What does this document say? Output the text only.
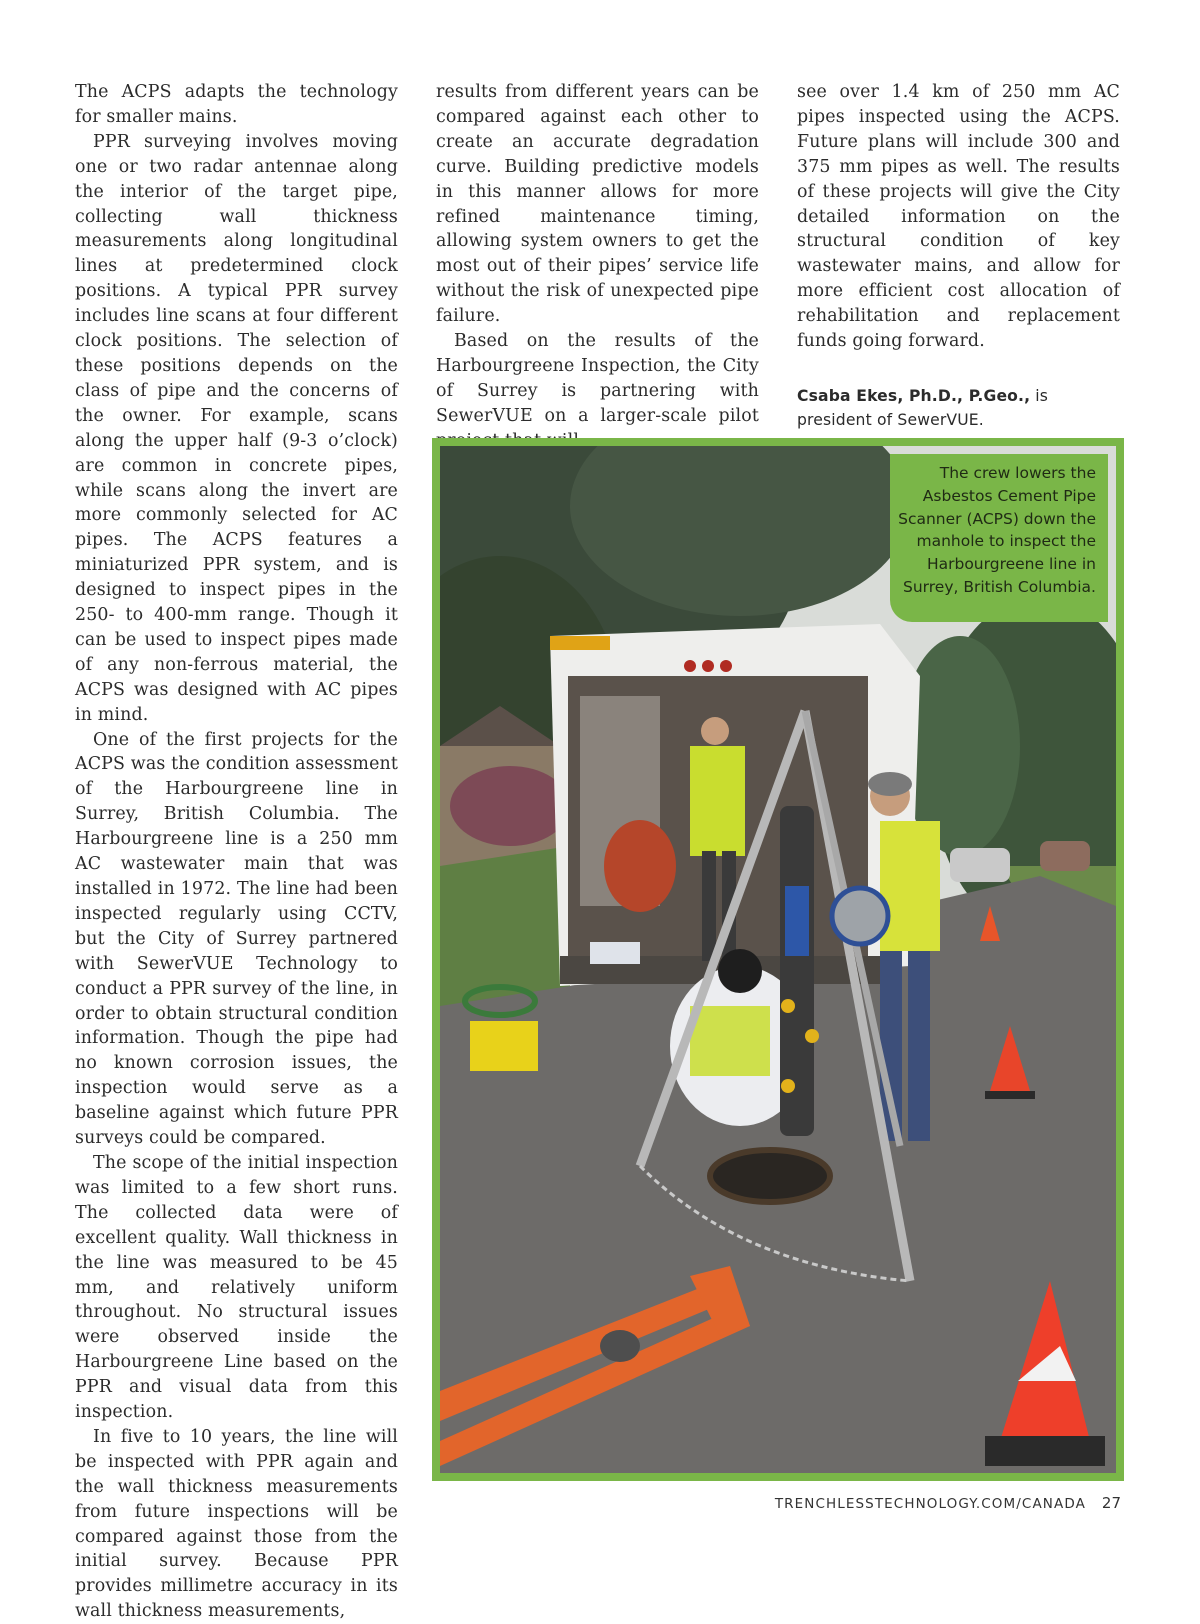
The ACPS adapts the technology for smaller mains.

PPR surveying involves moving one or two radar antennae along the interior of the target pipe, collecting wall thickness measurements along longitudinal lines at predetermined clock positions. A typical PPR survey includes line scans at four different clock positions. The selection of these positions depends on the class of pipe and the concerns of the owner. For example, scans along the upper half (9-3 o’clock) are common in concrete pipes, while scans along the invert are more commonly selected for AC pipes. The ACPS features a miniaturized PPR system, and is designed to inspect pipes in the 250- to 400-mm range. Though it can be used to inspect pipes made of any non-ferrous material, the ACPS was designed with AC pipes in mind.

One of the first projects for the ACPS was the condition assessment of the Harbourgreene line in Surrey, British Columbia. The Harbourgreene line is a 250 mm AC wastewater main that was installed in 1972. The line had been inspected regularly using CCTV, but the City of Surrey partnered with SewerVUE Technology to conduct a PPR survey of the line, in order to obtain structural condition information. Though the pipe had no known corrosion issues, the inspection would serve as a baseline against which future PPR surveys could be compared.

The scope of the initial inspection was limited to a few short runs. The collected data were of excellent quality. Wall thickness in the line was measured to be 45 mm, and relatively uniform throughout. No structural issues were observed inside the Harbourgreene Line based on the PPR and visual data from this inspection.

In five to 10 years, the line will be inspected with PPR again and the wall thickness measurements from future inspections will be compared against those from the initial survey. Because PPR provides millimetre accuracy in its wall thickness measurements,

results from different years can be compared against each other to create an accurate degradation curve. Building predictive models in this manner allows for more refined maintenance timing, allowing system owners to get the most out of their pipes’ service life without the risk of unexpected pipe failure.

Based on the results of the Harbourgreene Inspection, the City of Surrey is partnering with SewerVUE on a larger-scale pilot

see over 1.4 km of 250 mm AC pipes inspected using the ACPS. Future plans will include 300 and 375 mm pipes as well. The results of these projects will give the City detailed information on the structural condition of key wastewater mains, and allow for more efficient cost allocation of rehabilitation and replacement funds going forward.

Csaba Ekes, Ph.D., P.Geo., is president of SewerVUE.

The crew lowers the Asbestos Cement Pipe Scanner (ACPS) down the manhole to inspect the Harbourgreene line in Surrey, British Columbia.
TRENCHLESSTECHNOLOGY.COM/CANADA 27
